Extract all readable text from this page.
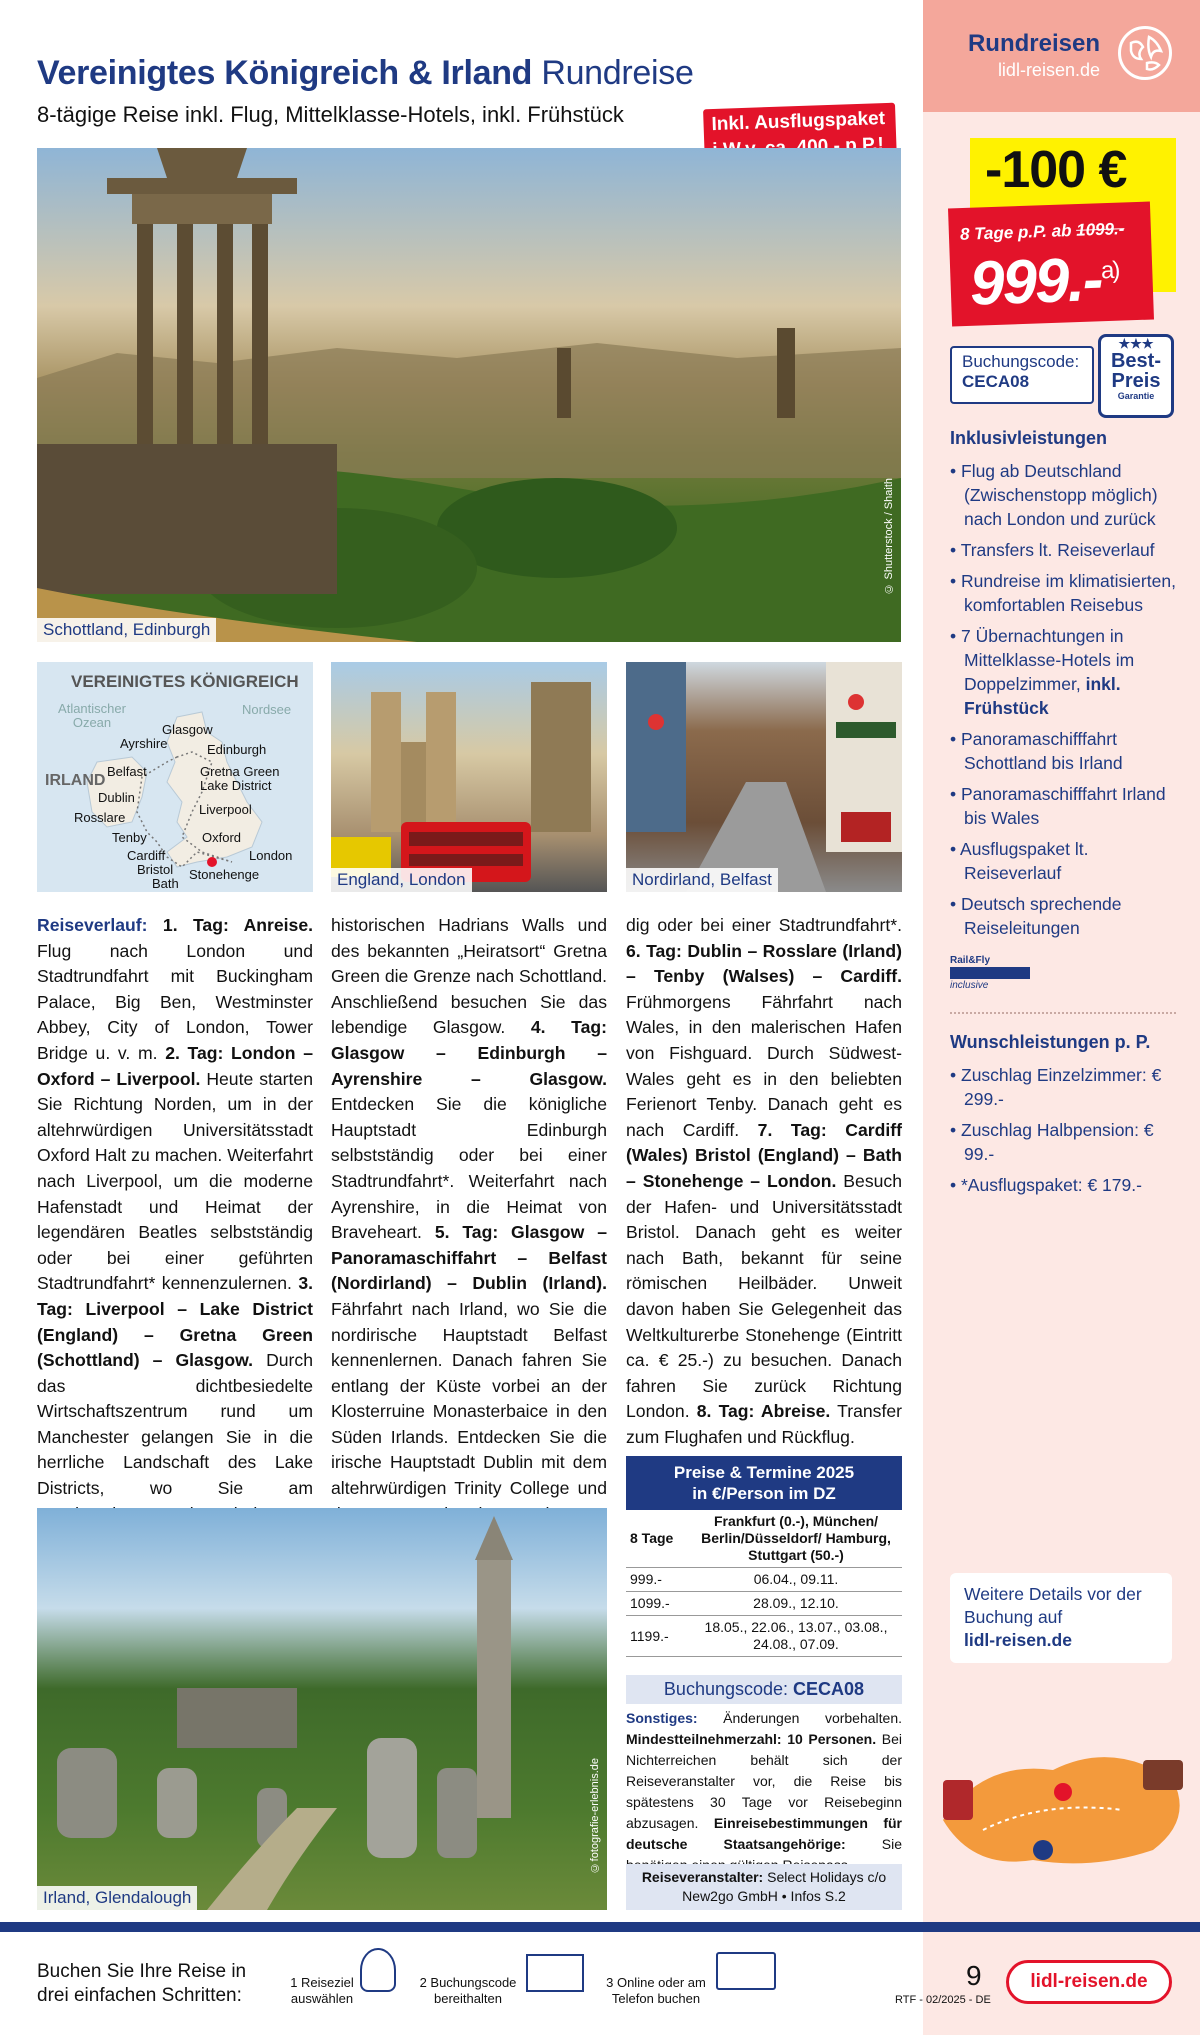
Vereinigtes Königreich & Irland Rundreise
8-tägige Reise inkl. Flug, Mittelklasse-Hotels, inkl. Frühstück	Inkl. Ausflugspaket
© Shutterstock / Shaith
Schottland, Edinburgh
VEREINIGTES KÖNIGREICH
Atlantischer Ozean
Nordsee
IRLAND
Glasgow
Ayrshire	Edinburgh
Belfast	Gretna Green
Lake District
Dublin
Rosslare
Liverpool
Tenby	Oxford
Cardiff	London
Bristol Stonehenge
Bath	England, London	Nordirland, Belfast
Reiseverlauf: 1. Tag: Anreise. Flug nach London und Stadtrundfahrt mit Buckingham Palace, Big Ben, Westminster Abbey, City of London, Tower Bridge u. v. m. 2. Tag: London – Oxford – Liverpool. Heute starten Sie Richtung Norden, um in der altehrwürdigen Universitätsstadt Oxford Halt zu machen. Weiterfahrt nach Liverpool, um die moderne Hafenstadt und Heimat der legendären Beatles selbstständig oder bei einer geführten Stadtrundfahrt* kennenzulernen. 3. Tag: Liverpool – Lake District (England) – Gretna Green (Schottland) – Glasgow. Durch das dichtbesiedelte Wirtschaftszentrum rund um Manchester gelangen Sie in die herrliche Landschaft des Lake Districts, wo Sie am
historischen Hadrians Walls und des bekannten „Heiratsort“ Gretna Green die Grenze nach Schottland. Anschließend besuchen Sie das lebendige Glasgow. 4. Tag: Glasgow – Edinburgh – Ayrenshire – Glasgow. Entdecken Sie die königliche Hauptstadt Edinburgh selbstständig oder bei einer Stadtrundfahrt*. Weiterfahrt nach Ayrenshire, in die Heimat von Braveheart. 5. Tag: Glasgow – Panoramaschiffahrt – Belfast (Nordirland) – Dublin (Irland). Fährfahrt nach Irland, wo Sie die nordirische Hauptstadt Belfast kennenlernen. Danach fahren Sie entlang der Küste vorbei an der Klosterruine Monasterbaice in den Süden Irlands. Entdecken Sie die irische Hauptstadt Dublin mit dem altehrwürdigen Trinity College und
dig oder bei einer Stadtrundfahrt*. 6. Tag: Dublin – Rosslare (Irland) – Tenby (Walses) – Cardiff. Frühmorgens Fährfahrt nach Wales, in den malerischen Hafen von Fishguard. Durch Südwest-Wales geht es in den beliebten Ferienort Tenby. Danach geht es nach Cardiff. 7. Tag: Cardiff (Wales) Bristol (England) – Bath – Stonehenge – London. Besuch der Hafen- und Universitätsstadt Bristol. Danach geht es weiter nach Bath, bekannt für seine römischen Heilbäder. Unweit davon haben Sie Gelegenheit das Weltkulturerbe Stonehenge (Eintritt ca. € 25.-) zu besuchen. Danach fahren Sie zurück Richtung London. 8. Tag: Abreise. Transfer zum Flughafen und Rückflug.
©fotografie-erlebnis.de
Irland, Glendalough
Preise & Termine 2025
in €/Person im DZ
8 Tage	Frankfurt (0.-), München/ Berlin/Düsseldorf/ Hamburg, Stuttgart (50.-)
999.-	06.04., 09.11.
1099.-	28.09., 12.10.
1199.-	18.05., 22.06., 13.07., 03.08., 24.08., 07.09.
Buchungscode: CECA08
Sonstiges: Änderungen vorbehalten. Mindestteilnehmerzahl: 10 Personen. Bei Nichterreichen behält sich der Reiseveranstalter vor, die Reise bis spätestens 30 Tage vor Reisebeginn abzusagen. Einreisebestimmungen für deutsche Staatsangehörige:	Sie
Reiseveranstalter: Select Holidays c/o New2go GmbH • Infos S.2
Rundreisen
lidl-reisen.de
-100 €
8 Tage p.P. ab 1099.-
999.-$^{a)}$
Buchungscode:
CECA08
★★★
Best-
Preis
Garantie
Inklusivleistungen
• Flug ab Deutschland (Zwischenstopp möglich) nach London und zurück
• Transfers lt. Reiseverlauf
• Rundreise im klimatisierten, komfortablen Reisebus
• 7 Übernachtungen in Mittelklasse-Hotels im Doppelzimmer, inkl. Frühstück
• Panoramaschifffahrt Schottland bis Irland
• Panoramaschifffahrt Irland bis Wales
• Ausflugspaket lt. Reiseverlauf
• Deutsch sprechende Reiseleitungen
Rail&Fly
inclusive
Wunschleistungen p. P.
• Zuschlag Einzelzimmer: € 299.-
• Zuschlag Halbpension: € 99.-
• *Ausflugspaket: € 179.-
Weitere Details vor der Buchung auf
lidl-reisen.de
Buchen Sie Ihre Reise in
drei einfachen Schritten:
1 Reiseziel auswählen
2 Buchungscode bereithalten
3 Online oder am Telefon buchen
9
RTF - 02/2025 - DE
lidl-reisen.de
